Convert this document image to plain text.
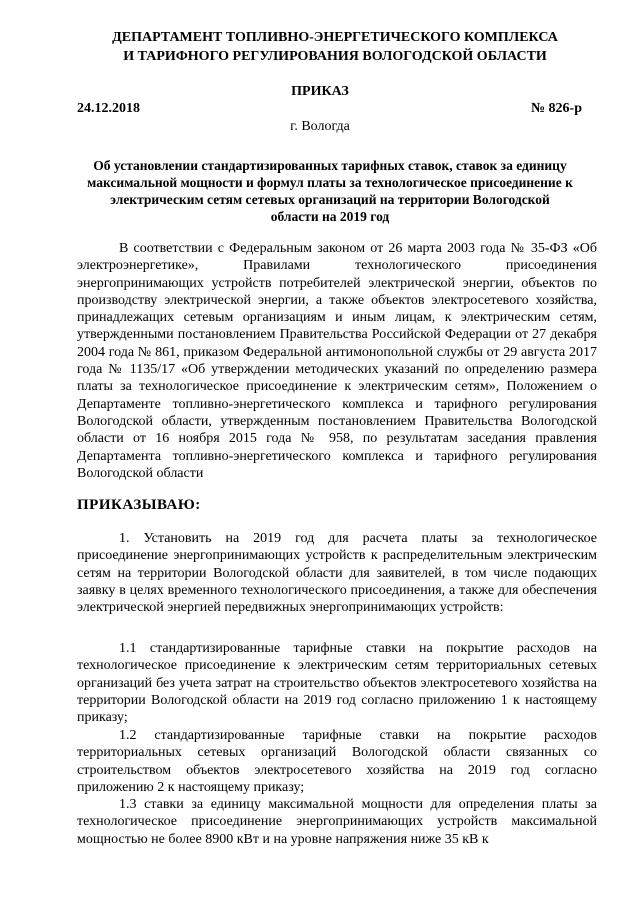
ДЕПАРТАМЕНТ ТОПЛИВНО-ЭНЕРГЕТИЧЕСКОГО КОМПЛЕКСА
И ТАРИФНОГО РЕГУЛИРОВАНИЯ ВОЛОГОДСКОЙ ОБЛАСТИ
ПРИКАЗ
24.12.2018	№ 826-р
г. Вологда
Об установлении стандартизированных тарифных ставок, ставок за единицу максимальной мощности и формул платы за технологическое присоединение к электрическим сетям сетевых организаций на территории Вологодской области на 2019 год
В соответствии с Федеральным законом от 26 марта 2003 года № 35-ФЗ «Об электроэнергетике», Правилами технологического присоединения энергопринимающих устройств потребителей электрической энергии, объектов по производству электрической энергии, а также объектов электросетевого хозяйства, принадлежащих сетевым организациям и иным лицам, к электрическим сетям, утвержденными постановлением Правительства Российской Федерации от 27 декабря 2004 года № 861, приказом Федеральной антимонопольной службы от 29 августа 2017 года № 1135/17 «Об утверждении методических указаний по определению размера платы за технологическое присоединение к электрическим сетям», Положением о Департаменте топливно-энергетического комплекса и тарифного регулирования Вологодской области, утвержденным постановлением Правительства Вологодской области от 16 ноября 2015 года № 958, по результатам заседания правления Департамента топливно-энергетического комплекса и тарифного регулирования Вологодской области
ПРИКАЗЫВАЮ:
1. Установить на 2019 год для расчета платы за технологическое присоединение энергопринимающих устройств к распределительным электрическим сетям на территории Вологодской области для заявителей, в том числе подающих заявку в целях временного технологического присоединения, а также для обеспечения электрической энергией передвижных энергопринимающих устройств:
1.1 стандартизированные тарифные ставки на покрытие расходов на технологическое присоединение к электрическим сетям территориальных сетевых организаций без учета затрат на строительство объектов электросетевого хозяйства на территории Вологодской области на 2019 год согласно приложению 1 к настоящему приказу;
1.2 стандартизированные тарифные ставки на покрытие расходов территориальных сетевых организаций Вологодской области связанных со строительством объектов электросетевого хозяйства на 2019 год согласно приложению 2 к настоящему приказу;
1.3 ставки за единицу максимальной мощности для определения платы за технологическое присоединение энергопринимающих устройств максимальной мощностью не более 8900 кВт и на уровне напряжения ниже 35 кВ к
